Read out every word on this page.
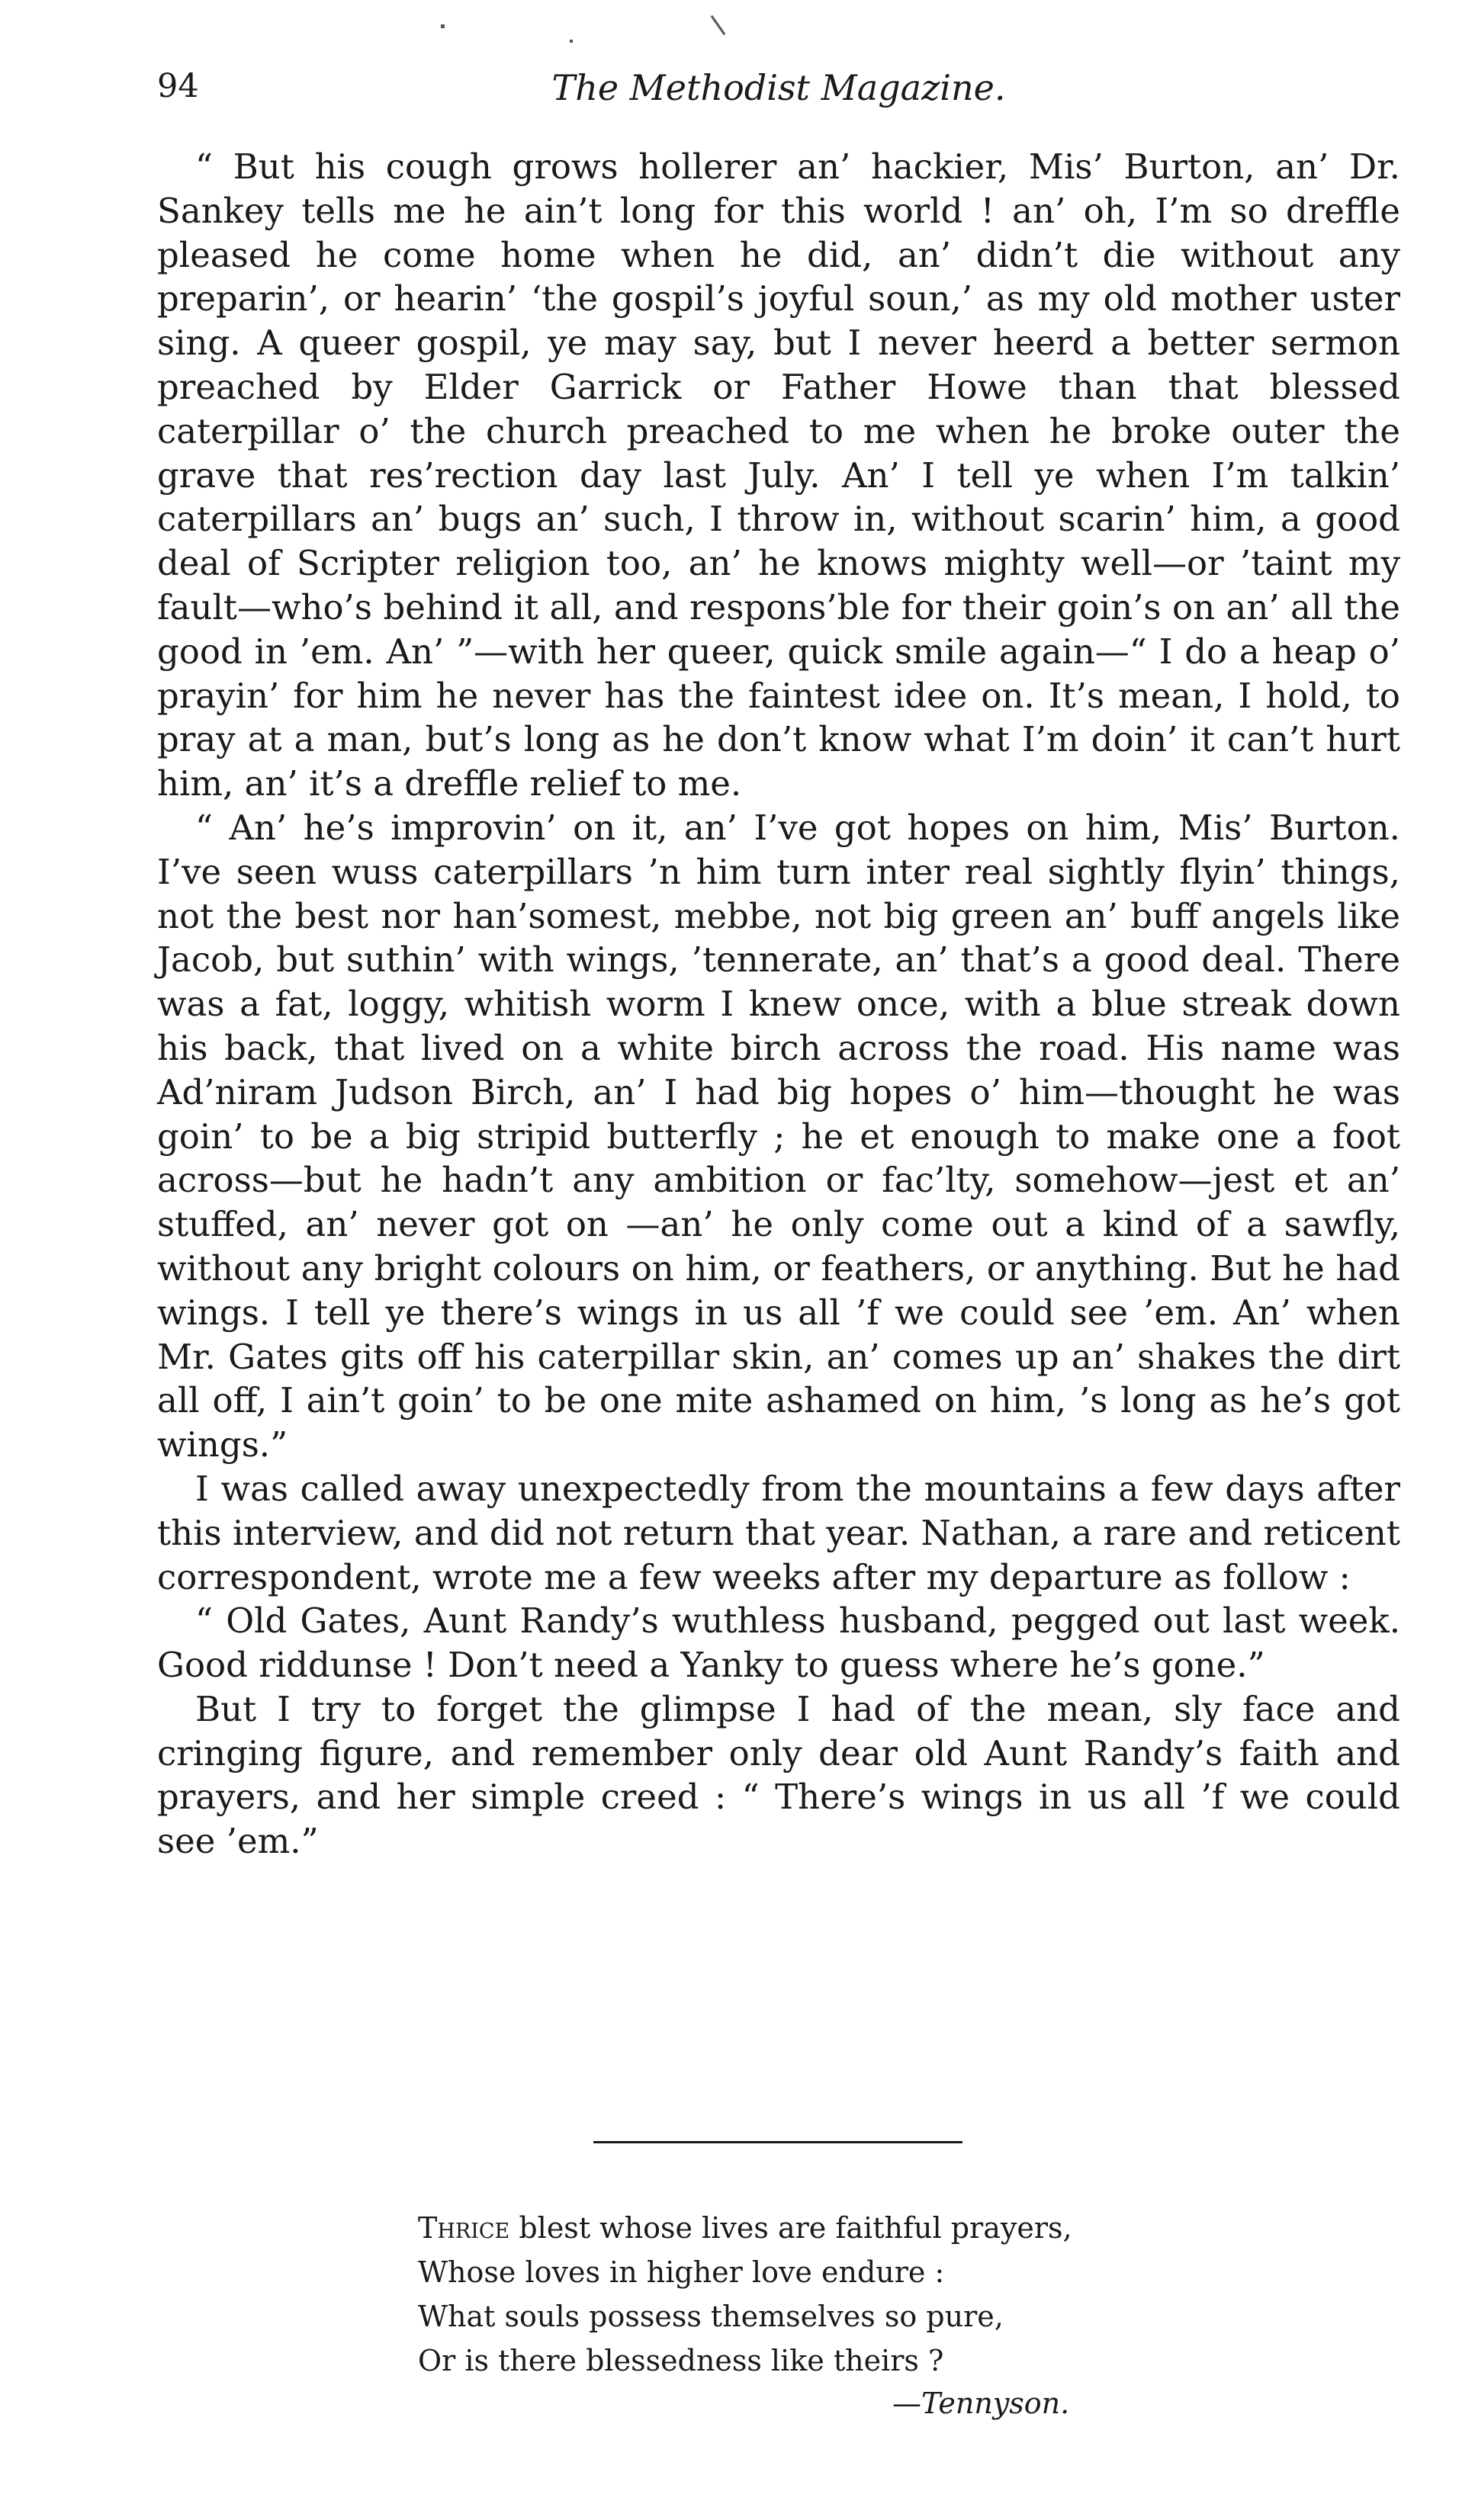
94	The Methodist Magazine.

“ But his cough grows hollerer an’ hackier, Mis’ Burton, an’ Dr. Sankey tells me he ain’t long for this world ! an’ oh, I’m so dreffle pleased he come home when he did, an’ didn’t die without any preparin’, or hearin’ ‘the gospil’s joyful soun,’ as my old mother uster sing. A queer gospil, ye may say, but I never heerd a better sermon preached by Elder Garrick or Father Howe than that blessed caterpillar o’ the church preached to me when he broke outer the grave that res’rection day last July. An’ I tell ye when I’m talkin’ caterpillars an’ bugs an’ such, I throw in, without scarin’ him, a good deal of Scripter religion too, an’ he knows mighty well—or ’taint my fault—who’s behind it all, and respons’ble for their goin’s on an’ all the good in ’em. An’ ”—with her queer, quick smile again—“ I do a heap o’ prayin’ for him he never has the faintest idee on. It’s mean, I hold, to pray at a man, but’s long as he don’t know what I’m doin’ it can’t hurt him, an’ it’s a dreffle relief to me.

“ An’ he’s improvin’ on it, an’ I’ve got hopes on him, Mis’ Burton. I’ve seen wuss caterpillars ’n him turn inter real sightly flyin’ things, not the best nor han’somest, mebbe, not big green an’ buff angels like Jacob, but suthin’ with wings, ’tennerate, an’ that’s a good deal. There was a fat, loggy, whitish worm I knew once, with a blue streak down his back, that lived on a white birch across the road. His name was Ad’niram Judson Birch, an’ I had big hopes o’ him—thought he was goin’ to be a big stripid butterfly ; he et enough to make one a foot across—but he hadn’t any ambition or fac’lty, somehow—jest et an’ stuffed, an’ never got on —an’ he only come out a kind of a sawfly, without any bright colours on him, or feathers, or anything. But he had wings. I tell ye there’s wings in us all ’f we could see ’em. An’ when Mr. Gates gits off his caterpillar skin, an’ comes up an’ shakes the dirt all off, I ain’t goin’ to be one mite ashamed on him, ’s long as he’s got wings.”

I was called away unexpectedly from the mountains a few days after this interview, and did not return that year. Nathan, a rare and reticent correspondent, wrote me a few weeks after my departure as follow :

“ Old Gates, Aunt Randy’s wuthless husband, pegged out last week. Good riddunse ! Don’t need a Yanky to guess where he’s gone.”

But I try to forget the glimpse I had of the mean, sly face and cringing figure, and remember only dear old Aunt Randy’s faith and prayers, and her simple creed : “ There’s wings in us all ’f we could see ’em.”

Thrice blest whose lives are faithful prayers,
Whose loves in higher love endure :
What souls possess themselves so pure,
Or is there blessedness like theirs ?
—Tennyson.
